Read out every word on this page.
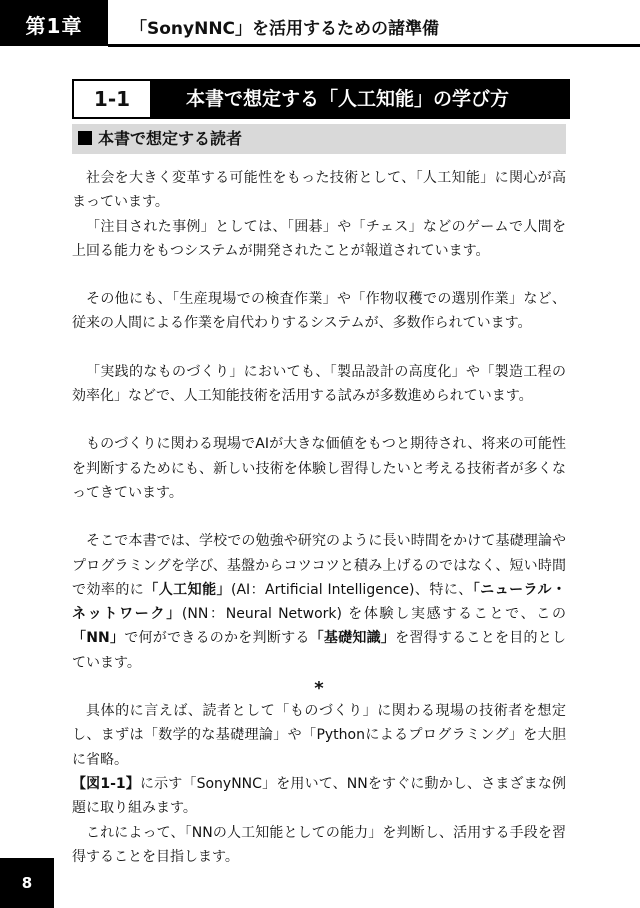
第1章	「SonyNNC」を活用するための諸準備
1-1	本書で想定する「人工知能」の学び方
本書で想定する読者

社会を大きく変革する可能性をもった技術として、「人工知能」に関心が高まっています。

「注目された事例」としては、「囲碁」や「チェス」などのゲームで人間を上回る能力をもつシステムが開発されたことが報道されています。

その他にも、「生産現場での検査作業」や「作物収穫での選別作業」など、従来の人間による作業を肩代わりするシステムが、多数作られています。

「実践的なものづくり」においても、「製品設計の高度化」や「製造工程の効率化」などで、人工知能技術を活用する試みが多数進められています。

ものづくりに関わる現場でAIが大きな価値をもつと期待され、将来の可能性を判断するためにも、新しい技術を体験し習得したいと考える技術者が多くなってきています。

そこで本書では、学校での勉強や研究のように長い時間をかけて基礎理論やプログラミングを学び、基盤からコツコツと積み上げるのではなく、短い時間で効率的に「人工知能」(AI：Artificial Intelligence)、特に、「ニューラル・ネットワーク」(NN：Neural Network) を体験し実感することで、この「NN」で何ができるのかを判断する「基礎知識」を習得することを目的としています。

*

具体的に言えば、読者として「ものづくり」に関わる現場の技術者を想定し、まずは「数学的な基礎理論」や「Pythonによるプログラミング」を大胆に省略。

【図1-1】に示す「SonyNNC」を用いて、NNをすぐに動かし、さまざまな例題に取り組みます。

これによって、「NNの人工知能としての能力」を判断し、活用する手段を習得することを目指します。

8
